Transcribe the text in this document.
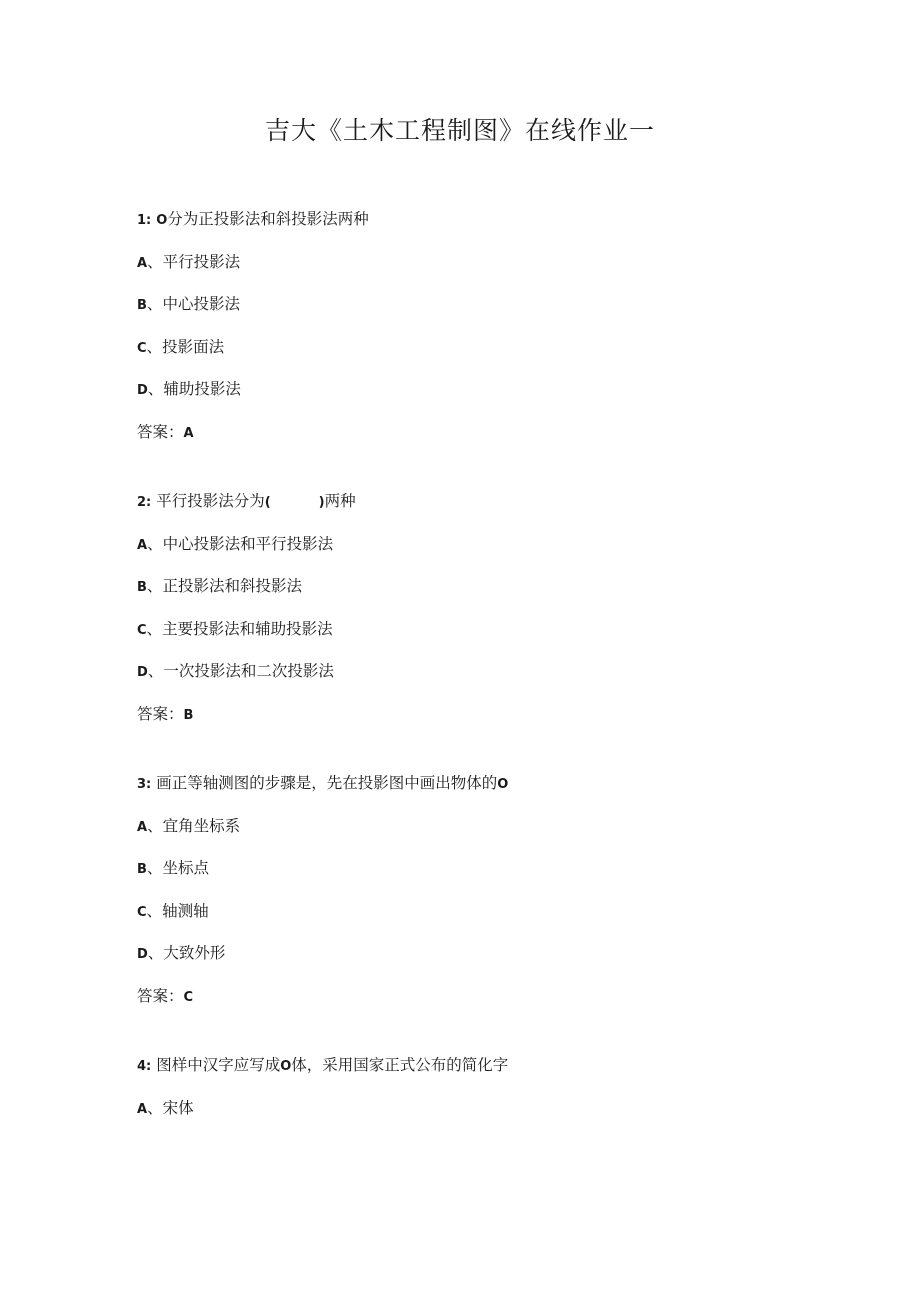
吉大《土木工程制图》在线作业一
1: O分为正投影法和斜投影法两种
A、平行投影法
B、中心投影法
C、投影面法
D、辅助投影法
答案：A
2: 平行投影法分为(	)两种
A、中心投影法和平行投影法
B、正投影法和斜投影法
C、主要投影法和辅助投影法
D、一次投影法和二次投影法
答案：B
3: 画正等轴测图的步骤是，先在投影图中画出物体的O
A、宜角坐标系
B、坐标点
C、轴测轴
D、大致外形
答案：C
4: 图样中汉字应写成O体，采用国家正式公布的简化字
A、宋体
